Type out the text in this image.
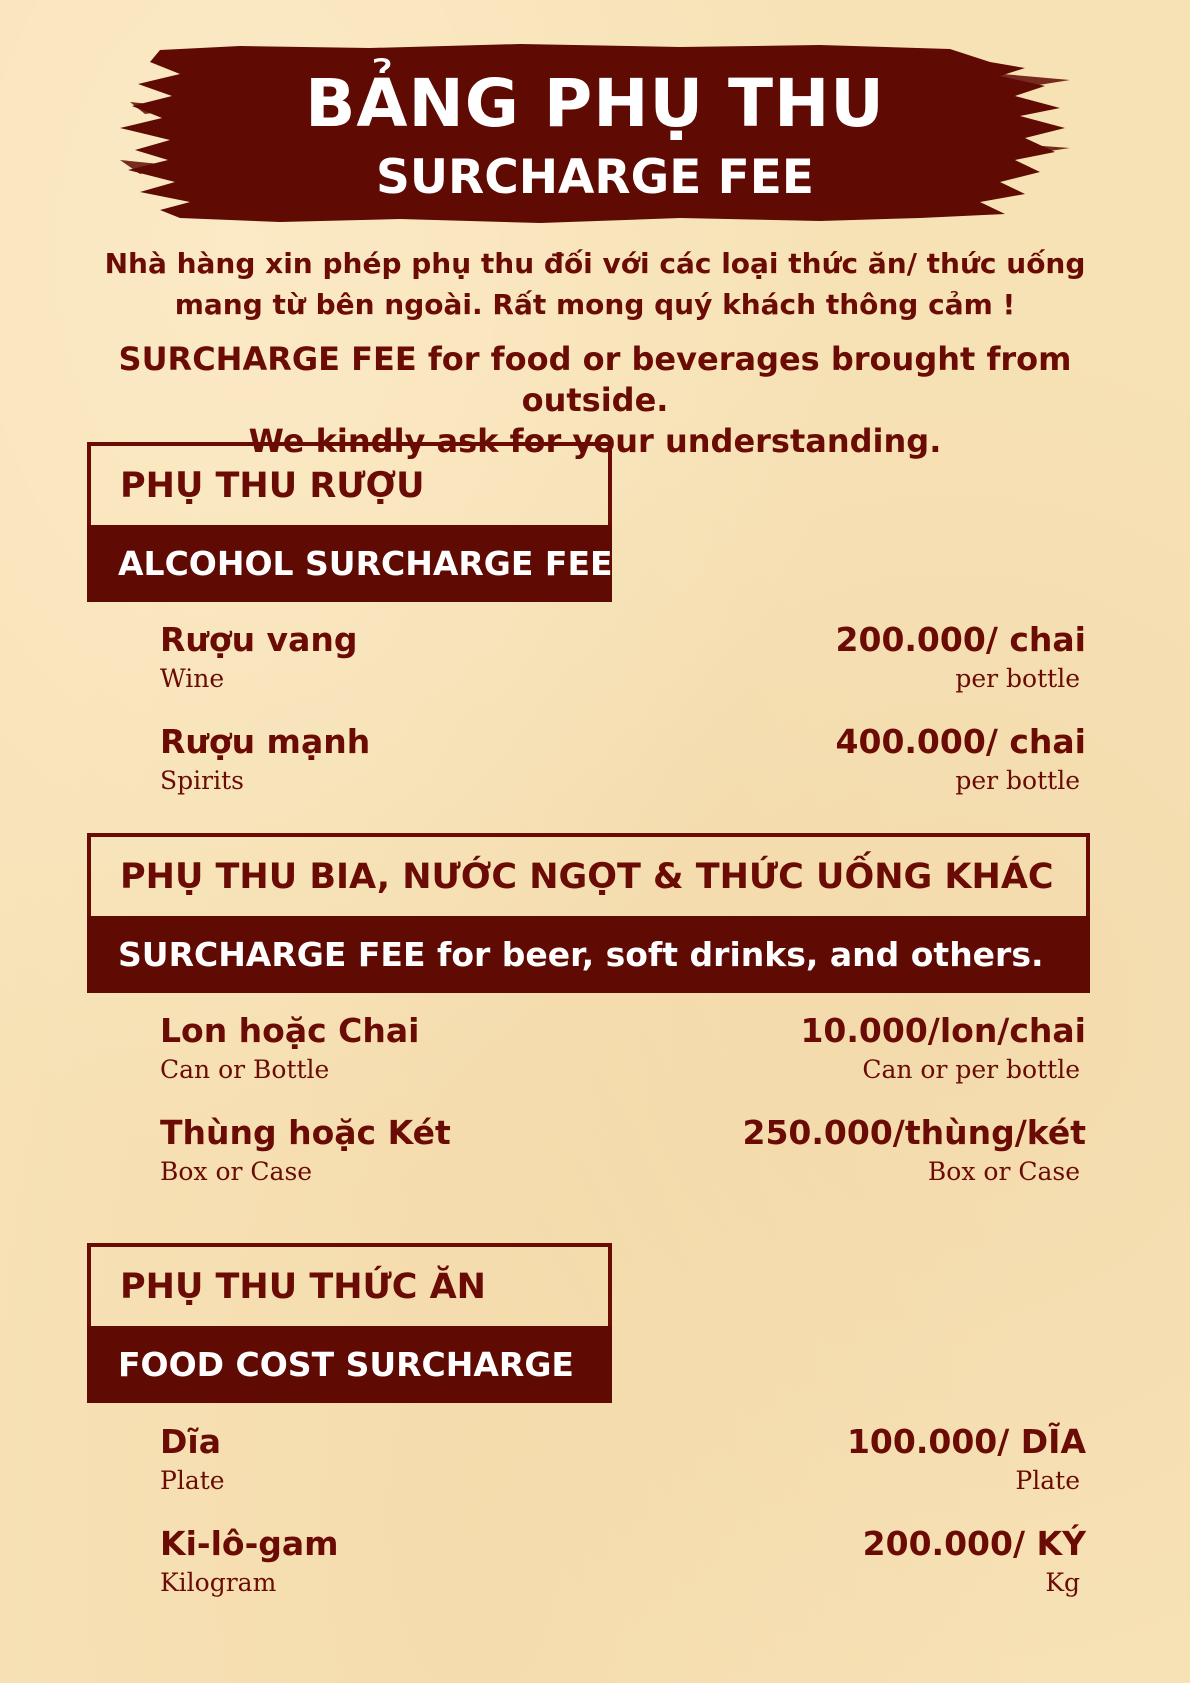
BẢNG PHỤ THU
SURCHARGE FEE

Nhà hàng xin phép phụ thu đối với các loại thức ăn/ thức uống
mang từ bên ngoài. Rất mong quý khách thông cảm !

SURCHARGE FEE for food or beverages brought from outside.
We kindly ask for your understanding.

PHỤ THU RƯỢU
ALCOHOL SURCHARGE FEE
Rượu vang
Wine
200.000/ chai
per bottle
Rượu mạnh
Spirits
400.000/ chai
per bottle
PHỤ THU BIA, NƯỚC NGỌT & THỨC UỐNG KHÁC
SURCHARGE FEE for beer, soft drinks, and others.
Lon hoặc Chai
Can or Bottle
10.000/lon/chai
Can or per bottle
Thùng hoặc Két
Box or Case
250.000/thùng/két
Box or Case
PHỤ THU THỨC ĂN
FOOD COST SURCHARGE
Dĩa
Plate
100.000/ DĨA
Plate
Ki-lô-gam
Kilogram
200.000/ KÝ
Kg
